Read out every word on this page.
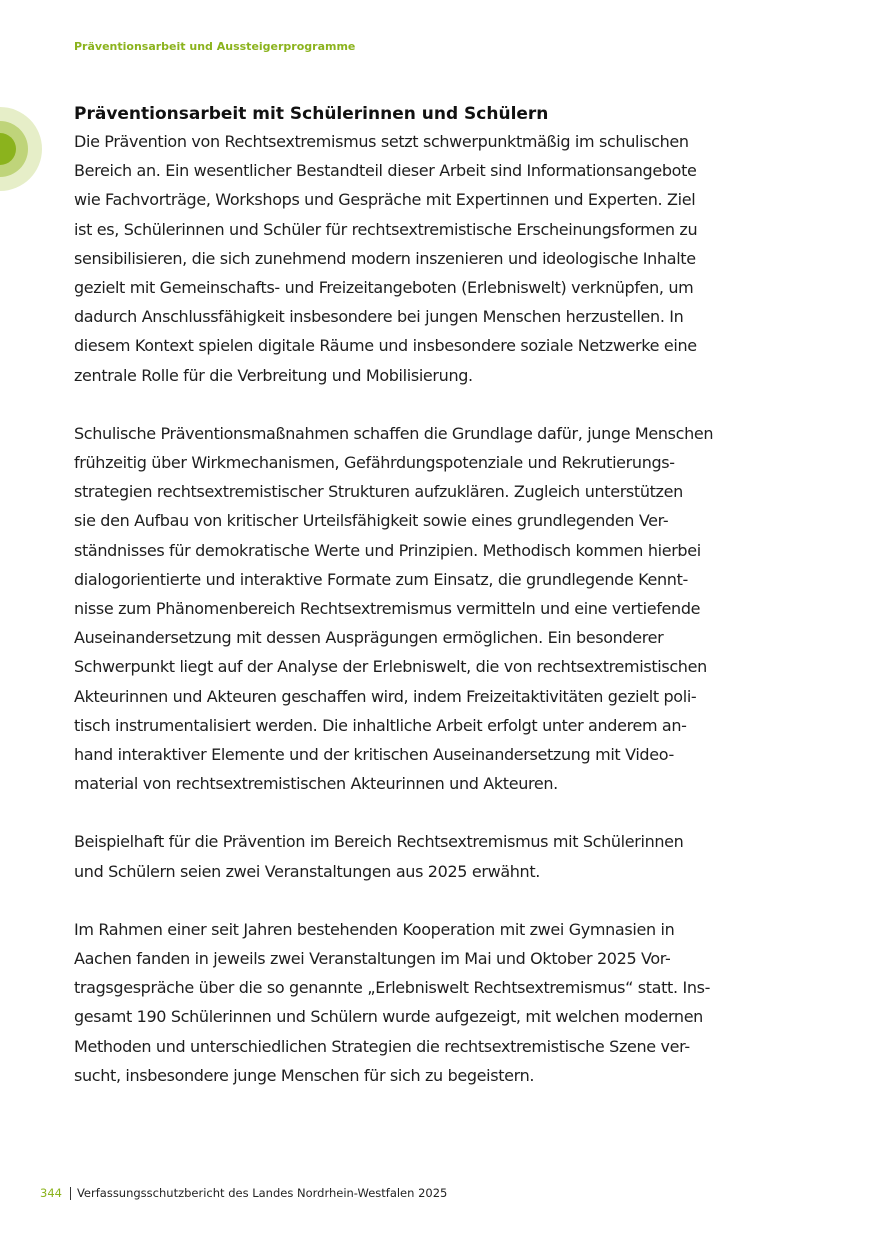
Präventionsarbeit und Aussteigerprogramme
Präventionsarbeit mit Schülerinnen und Schülern

Die Prävention von Rechtsextremismus setzt schwerpunktmäßig im schulischen
Bereich an. Ein wesentlicher Bestandteil dieser Arbeit sind Informationsangebote
wie Fachvorträge, Workshops und Gespräche mit Expertinnen und Experten. Ziel
ist es, Schülerinnen und Schüler für rechtsextremistische Erscheinungsformen zu
sensibilisieren, die sich zunehmend modern inszenieren und ideologische Inhalte
gezielt mit Gemeinschafts- und Freizeitangeboten (Erlebniswelt) verknüpfen, um
dadurch Anschlussfähigkeit insbesondere bei jungen Menschen herzustellen. In
diesem Kontext spielen digitale Räume und insbesondere soziale Netzwerke eine
zentrale Rolle für die Verbreitung und Mobilisierung.

Schulische Präventionsmaßnahmen schaffen die Grundlage dafür, junge Menschen
frühzeitig über Wirkmechanismen, Gefährdungspotenziale und Rekrutierungs-
strategien rechtsextremistischer Strukturen aufzuklären. Zugleich unterstützen
sie den Aufbau von kritischer Urteilsfähigkeit sowie eines grundlegenden Ver-
ständnisses für demokratische Werte und Prinzipien. Methodisch kommen hierbei
dialogorientierte und interaktive Formate zum Einsatz, die grundlegende Kennt-
nisse zum Phänomenbereich Rechtsextremismus vermitteln und eine vertiefende
Auseinandersetzung mit dessen Ausprägungen ermöglichen. Ein besonderer
Schwerpunkt liegt auf der Analyse der Erlebniswelt, die von rechtsextremistischen
Akteurinnen und Akteuren geschaffen wird, indem Freizeitaktivitäten gezielt poli-
tisch instrumentalisiert werden. Die inhaltliche Arbeit erfolgt unter anderem an-
hand interaktiver Elemente und der kritischen Auseinandersetzung mit Video-
material von rechtsextremistischen Akteurinnen und Akteuren.

Beispielhaft für die Prävention im Bereich Rechtsextremismus mit Schülerinnen
und Schülern seien zwei Veranstaltungen aus 2025 erwähnt.

Im Rahmen einer seit Jahren bestehenden Kooperation mit zwei Gymnasien in
Aachen fanden in jeweils zwei Veranstaltungen im Mai und Oktober 2025 Vor-
tragsgespräche über die so genannte „Erlebniswelt Rechtsextremismus“ statt. Ins-
gesamt 190 Schülerinnen und Schülern wurde aufgezeigt, mit welchen modernen
Methoden und unterschiedlichen Strategien die rechtsextremistische Szene ver-
sucht, insbesondere junge Menschen für sich zu begeistern.

344 Verfassungsschutzbericht des Landes Nordrhein-Westfalen 2025
